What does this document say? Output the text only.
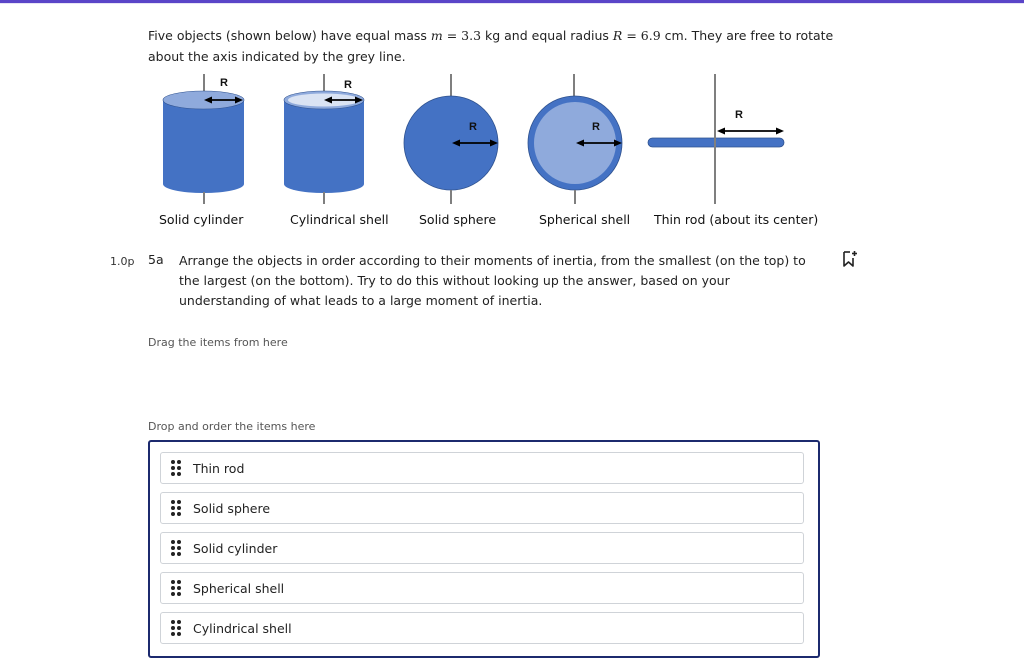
Five objects (shown below) have equal mass m = 3.3 kg and equal radius R = 6.9 cm. They are free to rotate
about the axis indicated by the grey line.
R	R
R	R
R
Solid cylinder	Cylindrical shell Solid sphere	Spherical shell Thin rod (about its center)
1.0p 5a Arrange the objects in order according to their moments of inertia, from the smallest (on the top) to the largest (on the bottom). Try to do this without looking up the answer, based on your understanding of what leads to a large moment of inertia.
Drag the items from here
Drop and order the items here
Thin rod
Solid sphere
Solid cylinder
Spherical shell
Cylindrical shell
